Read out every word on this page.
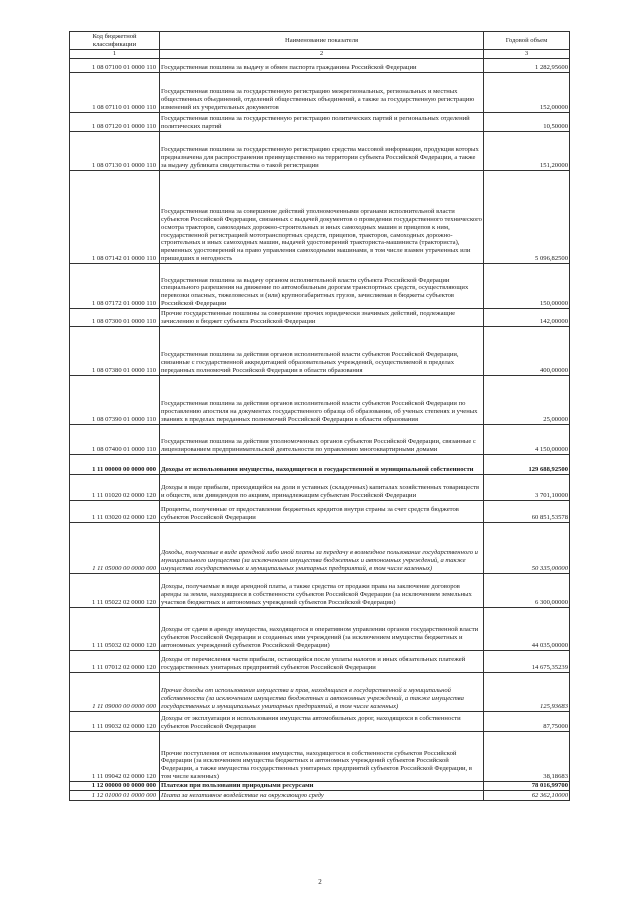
Код бюджетной классификации	Наименование показателя	Годовой объем
1	2	3
1 08 07100 01 0000 110	Государственная пошлина за выдачу и обмен паспорта гражданина Российской Федерации	1 282,95600
1 08 07110 01 0000 110	Государственная пошлина за государственную регистрацию межрегиональных, региональных и местных общественных объединений, отделений общественных объединений, а также за государственную регистрацию изменений их учредительных документов	152,00000
1 08 07120 01 0000 110	Государственная пошлина за государственную регистрацию политических партий и региональных отделений политических партий	10,50000
1 08 07130 01 0000 110	Государственная пошлина за государственную регистрацию средства массовой информации, продукция которых предназначена для распространения преимущественно на территории субъекта Российской Федерации, а также за выдачу дубликата свидетельства о такой регистрации	151,20000
1 08 07142 01 0000 110	Государственная пошлина за совершение действий уполномоченными органами исполнительной власти субъектов Российской Федерации, связанных с выдачей документов о проведении государственного технического осмотра тракторов, самоходных дорожно-строительных и иных самоходных машин и прицепов к ним, государственной регистрацией мототранспортных средств, прицепов, тракторов, самоходных дорожно-строительных и иных самоходных машин, выдачей удостоверений тракториста-машиниста (тракториста), временных удостоверений на право управления самоходными машинами, в том числе взамен утраченных или пришедших в негодность	5 096,82500
1 08 07172 01 0000 110	Государственная пошлина за выдачу органом исполнительной власти субъекта Российской Федерации специального разрешения на движение по автомобильным дорогам транспортных средств, осуществляющих перевозки опасных, тяжеловесных и (или) крупногабаритных грузов, зачисляемая в бюджеты субъектов Российской Федерации	150,00000
1 08 07300 01 0000 110	Прочие государственные пошлины за совершение прочих юридически значимых действий, подлежащие зачислению в бюджет субъекта Российской Федерации	142,00000
1 08 07380 01 0000 110	Государственная пошлина за действия органов исполнительной власти субъектов Российской Федерации, связанные с государственной аккредитацией образовательных учреждений, осуществляемой в пределах переданных полномочий Российской Федерации в области образования	400,00000
1 08 07390 01 0000 110	Государственная пошлина за действия органов исполнительной власти субъектов Российской Федерации по проставлению апостиля на документах государственного образца об образовании, об ученых степенях и ученых званиях в пределах переданных полномочий Российской Федерации в области образования	25,00000
1 08 07400 01 0000 110	Государственная пошлина за действия уполномоченных органов субъектов Российской Федерации, связанные с лицензированием предпринимательской деятельности по управлению многоквартирными домами	4 150,00000
1 11 00000 00 0000 000	Доходы от использования имущества, находящегося в государственной и муниципальной собственности	129 688,92500
1 11 01020 02 0000 120	Доходы в виде прибыли, приходящейся на доли в уставных (складочных) капиталах хозяйственных товариществ и обществ, или дивидендов по акциям, принадлежащим субъектам Российской Федерации	3 701,10000
1 11 03020 02 0000 120	Проценты, полученные от предоставления бюджетных кредитов внутри страны за счет средств бюджетов субъектов Российской Федерации	60 851,53578
1 11 05000 00 0000 000	Доходы, получаемые в виде арендной либо иной платы за передачу в возмездное пользование государственного и муниципального имущества (за исключением имущества бюджетных и автономных учреждений, а также имущества государственных и муниципальных унитарных предприятий, в том числе казенных)	50 335,00000
1 11 05022 02 0000 120	Доходы, получаемые в виде арендной платы, а также средства от продажи права на заключение договоров аренды за земли, находящиеся в собственности субъектов Российской Федерации (за исключением земельных участков бюджетных и автономных учреждений субъектов Российской Федерации)	6 300,00000
1 11 05032 02 0000 120	Доходы от сдачи в аренду имущества, находящегося в оперативном управлении органов государственной власти субъектов Российской Федерации и созданных ими учреждений (за исключением имущества бюджетных и автономных учреждений субъектов Российской Федерации)	44 035,00000
1 11 07012 02 0000 120	Доходы от перечисления части прибыли, остающейся после уплаты налогов и иных обязательных платежей государственных унитарных предприятий субъектов Российской Федерации	14 675,35239
1 11 09000 00 0000 000	Прочие доходы от использования имущества и прав, находящихся в государственной и муниципальной собственности (за исключением имущества бюджетных и автономных учреждений, а также имущества государственных и муниципальных унитарных предприятий, в том числе казенных)	125,93683
1 11 09032 02 0000 120	Доходы от эксплуатации и использования имущества автомобильных дорог, находящихся в собственности субъектов Российской Федерации	87,75000
1 11 09042 02 0000 120	Прочие поступления от использования имущества, находящегося в собственности субъектов Российской Федерации (за исключением имущества бюджетных и автономных учреждений субъектов Российской Федерации, а также имущества государственных унитарных предприятий субъектов Российской Федерации, в том числе казенных)	38,18683
1 12 00000 00 0000 000	Платежи при пользовании природными ресурсами	78 016,99700
1 12 01000 01 0000 000	Плата за негативное воздействие на окружающую среду	62 362,10000
2
